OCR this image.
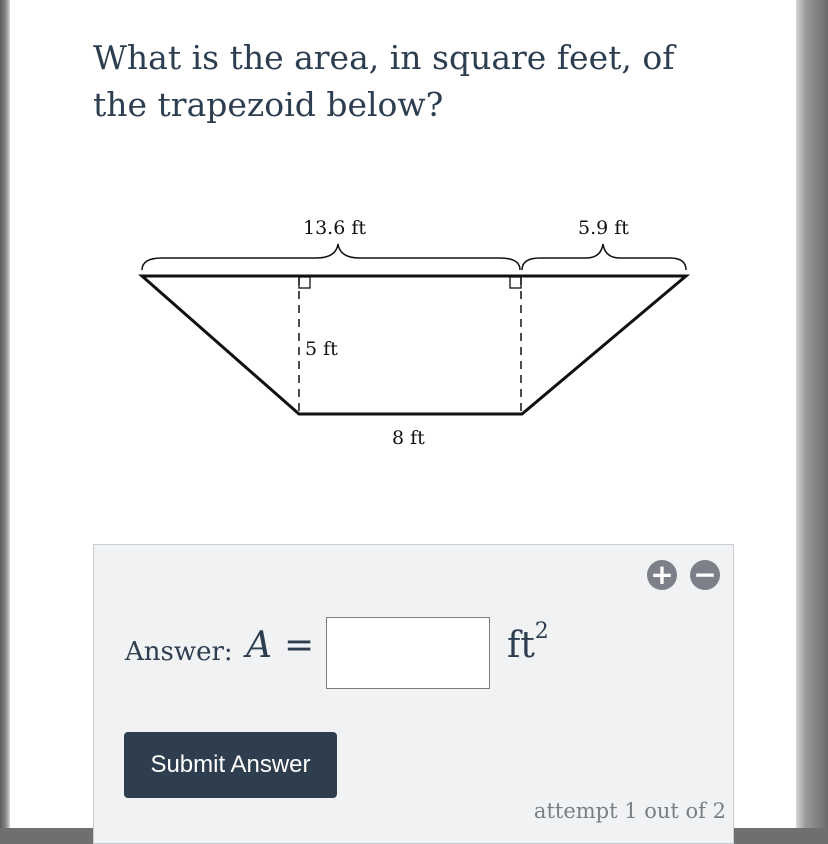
What is the area, in square feet, of the trapezoid below?

13.6 ft	5.9 ft
5 ft
8 ft
+ −
Answer: A =	$ft^2$
Submit Answer
attempt 1 out of 2
